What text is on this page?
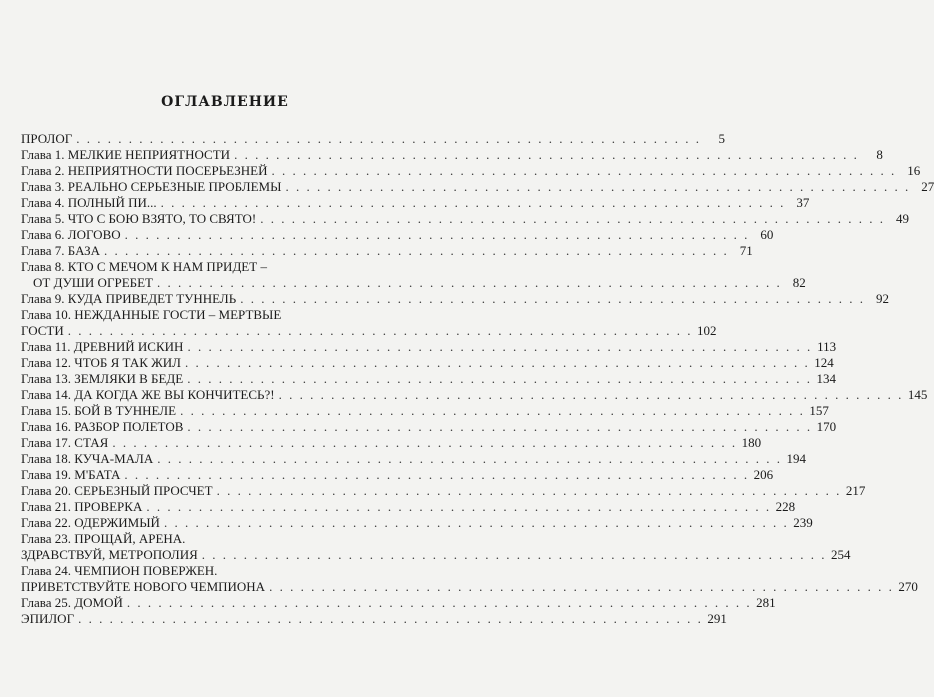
ОГЛАВЛЕНИЕ
ПРОЛОГ . . . . . . . . . . . . . . . . . . . . . . . . . . . . . . . . . . . . . . . . . . . . . . . . . . . . . . . . . . . .	5
Глава 1. МЕЛКИЕ НЕПРИЯТНОСТИ . . . . . . . . . . . . . . . . . . . . . . . . . . . . . . . . . . . . . . . . . . . . . . . . . . . . . . . . . . . .	8
Глава 2. НЕПРИЯТНОСТИ ПОСЕРЬЕЗНЕЙ . . . . . . . . . . . . . . . . . . . . . . . . . . . . . . . . . . . . . . . . . . . . . . . . . . . . . . . . . . . . 16
Глава 3. РЕАЛЬНО СЕРЬЕЗНЫЕ ПРОБЛЕМЫ . . . . . . . . . . . . . . . . . . . . . . . . . . . . . . . . . . . . . . . . . . . . . . . . . . . . . . . . . . . . 27
Глава 4. ПОЛНЫЙ ПИ... . . . . . . . . . . . . . . . . . . . . . . . . . . . . . . . . . . . . . . . . . . . . . . . . . . . . . . . . . . . . 37
Глава 5. ЧТО С БОЮ ВЗЯТО, ТО СВЯТО! . . . . . . . . . . . . . . . . . . . . . . . . . . . . . . . . . . . . . . . . . . . . . . . . . . . . . . . . . . . . 49
Глава 6. ЛОГОВО . . . . . . . . . . . . . . . . . . . . . . . . . . . . . . . . . . . . . . . . . . . . . . . . . . . . . . . . . . . . 60
Глава 7. БАЗА . . . . . . . . . . . . . . . . . . . . . . . . . . . . . . . . . . . . . . . . . . . . . . . . . . . . . . . . . . . . 71
Глава 8. КТО С МЕЧОМ К НАМ ПРИДЕТ –
ОТ ДУШИ ОГРЕБЕТ . . . . . . . . . . . . . . . . . . . . . . . . . . . . . . . . . . . . . . . . . . . . . . . . . . . . . . . . . . . . 82
Глава 9. КУДА ПРИВЕДЕТ ТУННЕЛЬ . . . . . . . . . . . . . . . . . . . . . . . . . . . . . . . . . . . . . . . . . . . . . . . . . . . . . . . . . . . . 92
Глава 10. НЕЖДАННЫЕ ГОСТИ – МЕРТВЫЕ
ГОСТИ . . . . . . . . . . . . . . . . . . . . . . . . . . . . . . . . . . . . . . . . . . . . . . . . . . . . . . . . . . . . 102
Глава 11. ДРЕВНИЙ ИСКИН . . . . . . . . . . . . . . . . . . . . . . . . . . . . . . . . . . . . . . . . . . . . . . . . . . . . . . . . . . . . 113
Глава 12. ЧТОБ Я ТАК ЖИЛ . . . . . . . . . . . . . . . . . . . . . . . . . . . . . . . . . . . . . . . . . . . . . . . . . . . . . . . . . . . . 124
Глава 13. ЗЕМЛЯКИ В БЕДЕ . . . . . . . . . . . . . . . . . . . . . . . . . . . . . . . . . . . . . . . . . . . . . . . . . . . . . . . . . . . . 134
Глава 14. ДА КОГДА ЖЕ ВЫ КОНЧИТЕСЬ?! . . . . . . . . . . . . . . . . . . . . . . . . . . . . . . . . . . . . . . . . . . . . . . . . . . . . . . . . . . . . 145
Глава 15. БОЙ В ТУННЕЛЕ . . . . . . . . . . . . . . . . . . . . . . . . . . . . . . . . . . . . . . . . . . . . . . . . . . . . . . . . . . . . 157
Глава 16. РАЗБОР ПОЛЕТОВ . . . . . . . . . . . . . . . . . . . . . . . . . . . . . . . . . . . . . . . . . . . . . . . . . . . . . . . . . . . . 170
Глава 17. СТАЯ . . . . . . . . . . . . . . . . . . . . . . . . . . . . . . . . . . . . . . . . . . . . . . . . . . . . . . . . . . . . 180
Глава 18. КУЧА-МАЛА . . . . . . . . . . . . . . . . . . . . . . . . . . . . . . . . . . . . . . . . . . . . . . . . . . . . . . . . . . . . 194
Глава 19. М'БАТА . . . . . . . . . . . . . . . . . . . . . . . . . . . . . . . . . . . . . . . . . . . . . . . . . . . . . . . . . . . . 206
Глава 20. СЕРЬЕЗНЫЙ ПРОСЧЕТ . . . . . . . . . . . . . . . . . . . . . . . . . . . . . . . . . . . . . . . . . . . . . . . . . . . . . . . . . . . . 217
Глава 21. ПРОВЕРКА . . . . . . . . . . . . . . . . . . . . . . . . . . . . . . . . . . . . . . . . . . . . . . . . . . . . . . . . . . . . 228
Глава 22. ОДЕРЖИМЫЙ . . . . . . . . . . . . . . . . . . . . . . . . . . . . . . . . . . . . . . . . . . . . . . . . . . . . . . . . . . . . 239
Глава 23. ПРОЩАЙ, АРЕНА.
ЗДРАВСТВУЙ, МЕТРОПОЛИЯ . . . . . . . . . . . . . . . . . . . . . . . . . . . . . . . . . . . . . . . . . . . . . . . . . . . . . . . . . . . . 254
Глава 24. ЧЕМПИОН ПОВЕРЖЕН.
ПРИВЕТСТВУЙТЕ НОВОГО ЧЕМПИОНА . . . . . . . . . . . . . . . . . . . . . . . . . . . . . . . . . . . . . . . . . . . . . . . . . . . . . . . . . . . . 270
Глава 25. ДОМОЙ . . . . . . . . . . . . . . . . . . . . . . . . . . . . . . . . . . . . . . . . . . . . . . . . . . . . . . . . . . . . 281
ЭПИЛОГ . . . . . . . . . . . . . . . . . . . . . . . . . . . . . . . . . . . . . . . . . . . . . . . . . . . . . . . . . . . . 291
